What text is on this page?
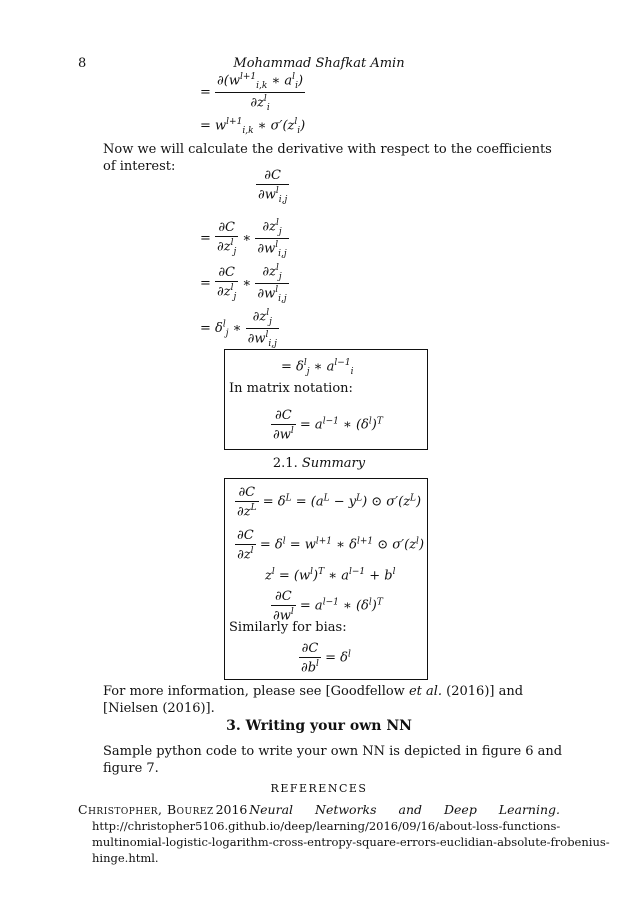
8	Mohammad Shafkat Amin
= $\frac{\partial(w^{l+1}_{i,k} ∗ a^l_i)}{\partial z^l_i}$
= $w^{l+1}_{i,k}$ ∗ $\sigma'(z^l_i)$
Now we will calculate the derivative with respect to the coefficients of interest:
$\frac{\partial C}{\partial w^l_{i,j}}$
= $\frac{\partial C}{\partial z^l_j}$ ∗ $\frac{\partial z^l_j}{\partial w^l_{i,j}}$
= $\frac{\partial C}{\partial z^l_j}$ ∗ $\frac{\partial z^l_j}{\partial w^l_{i,j}}$
= $\delta^l_j$ ∗ $\frac{\partial z^l_j}{\partial w^l_{i,j}}$
= $\delta^l_j$ ∗ $a^{l-1}_i$
In matrix notation:
$\frac{\partial C}{\partial w^l} = a^{l-1}$ ∗ $(\delta^l)^T$
2.1. Summary
$\frac{\partial C}{\partial z^L} = \delta^L = (a^L - y^L)$ ⊙ $\sigma'(z^L)$
$\frac{\partial C}{\partial z^l} = \delta^l = w^{l+1}$ ∗ $\delta^{l+1}$ ⊙ $\sigma'(z^l)$
$z^l = (w^l)^T$ ∗ $a^{l-1} + b^l$
$\frac{\partial C}{\partial w^l} = a^{l-1}$ ∗ $(\delta^l)^T$
Similarly for bias:
$\frac{\partial C}{\partial b^l} = \delta^l$
For more information, please see [Goodfellow et al. (2016)] and [Nielsen (2016)].
3. Writing your own NN
Sample python code to write your own NN is depicted in figure 6 and figure 7.
REFERENCES
Christopher, Bourez 2016 Neural Networks and Deep Learning.
http://christopher5106.github.io/deep/learning/2016/09/16/about-loss-functions-
multinomial-logistic-logarithm-cross-entropy-square-errors-euclidian-absolute-frobenius-
hinge.html.
